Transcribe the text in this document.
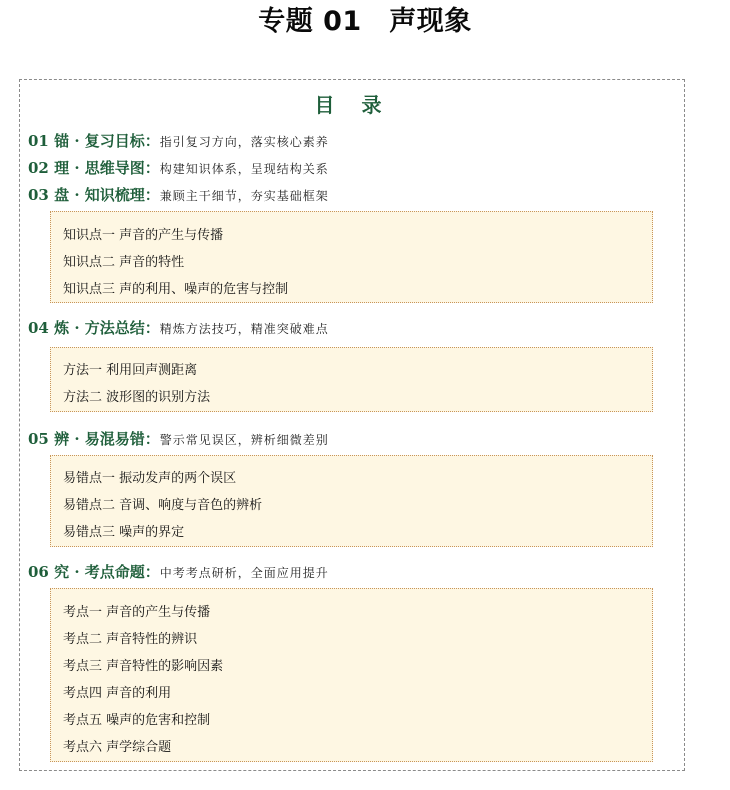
专题 01　声现象
目 录
01 锚 · 复习目标：指引复习方向，落实核心素养
02 理 · 思维导图：构建知识体系，呈现结构关系
03 盘 · 知识梳理：兼顾主干细节，夯实基础框架
知识点一 声音的产生与传播
知识点二 声音的特性
知识点三 声的利用、噪声的危害与控制
04 炼 · 方法总结：精炼方法技巧，精准突破难点
方法一 利用回声测距离
方法二 波形图的识别方法
05 辨 · 易混易错：警示常见误区，辨析细微差别
易错点一 振动发声的两个误区
易错点二 音调、响度与音色的辨析
易错点三 噪声的界定
06 究 · 考点命题：中考考点研析，全面应用提升
考点一 声音的产生与传播
考点二 声音特性的辨识
考点三 声音特性的影响因素
考点四 声音的利用
考点五 噪声的危害和控制
考点六 声学综合题
